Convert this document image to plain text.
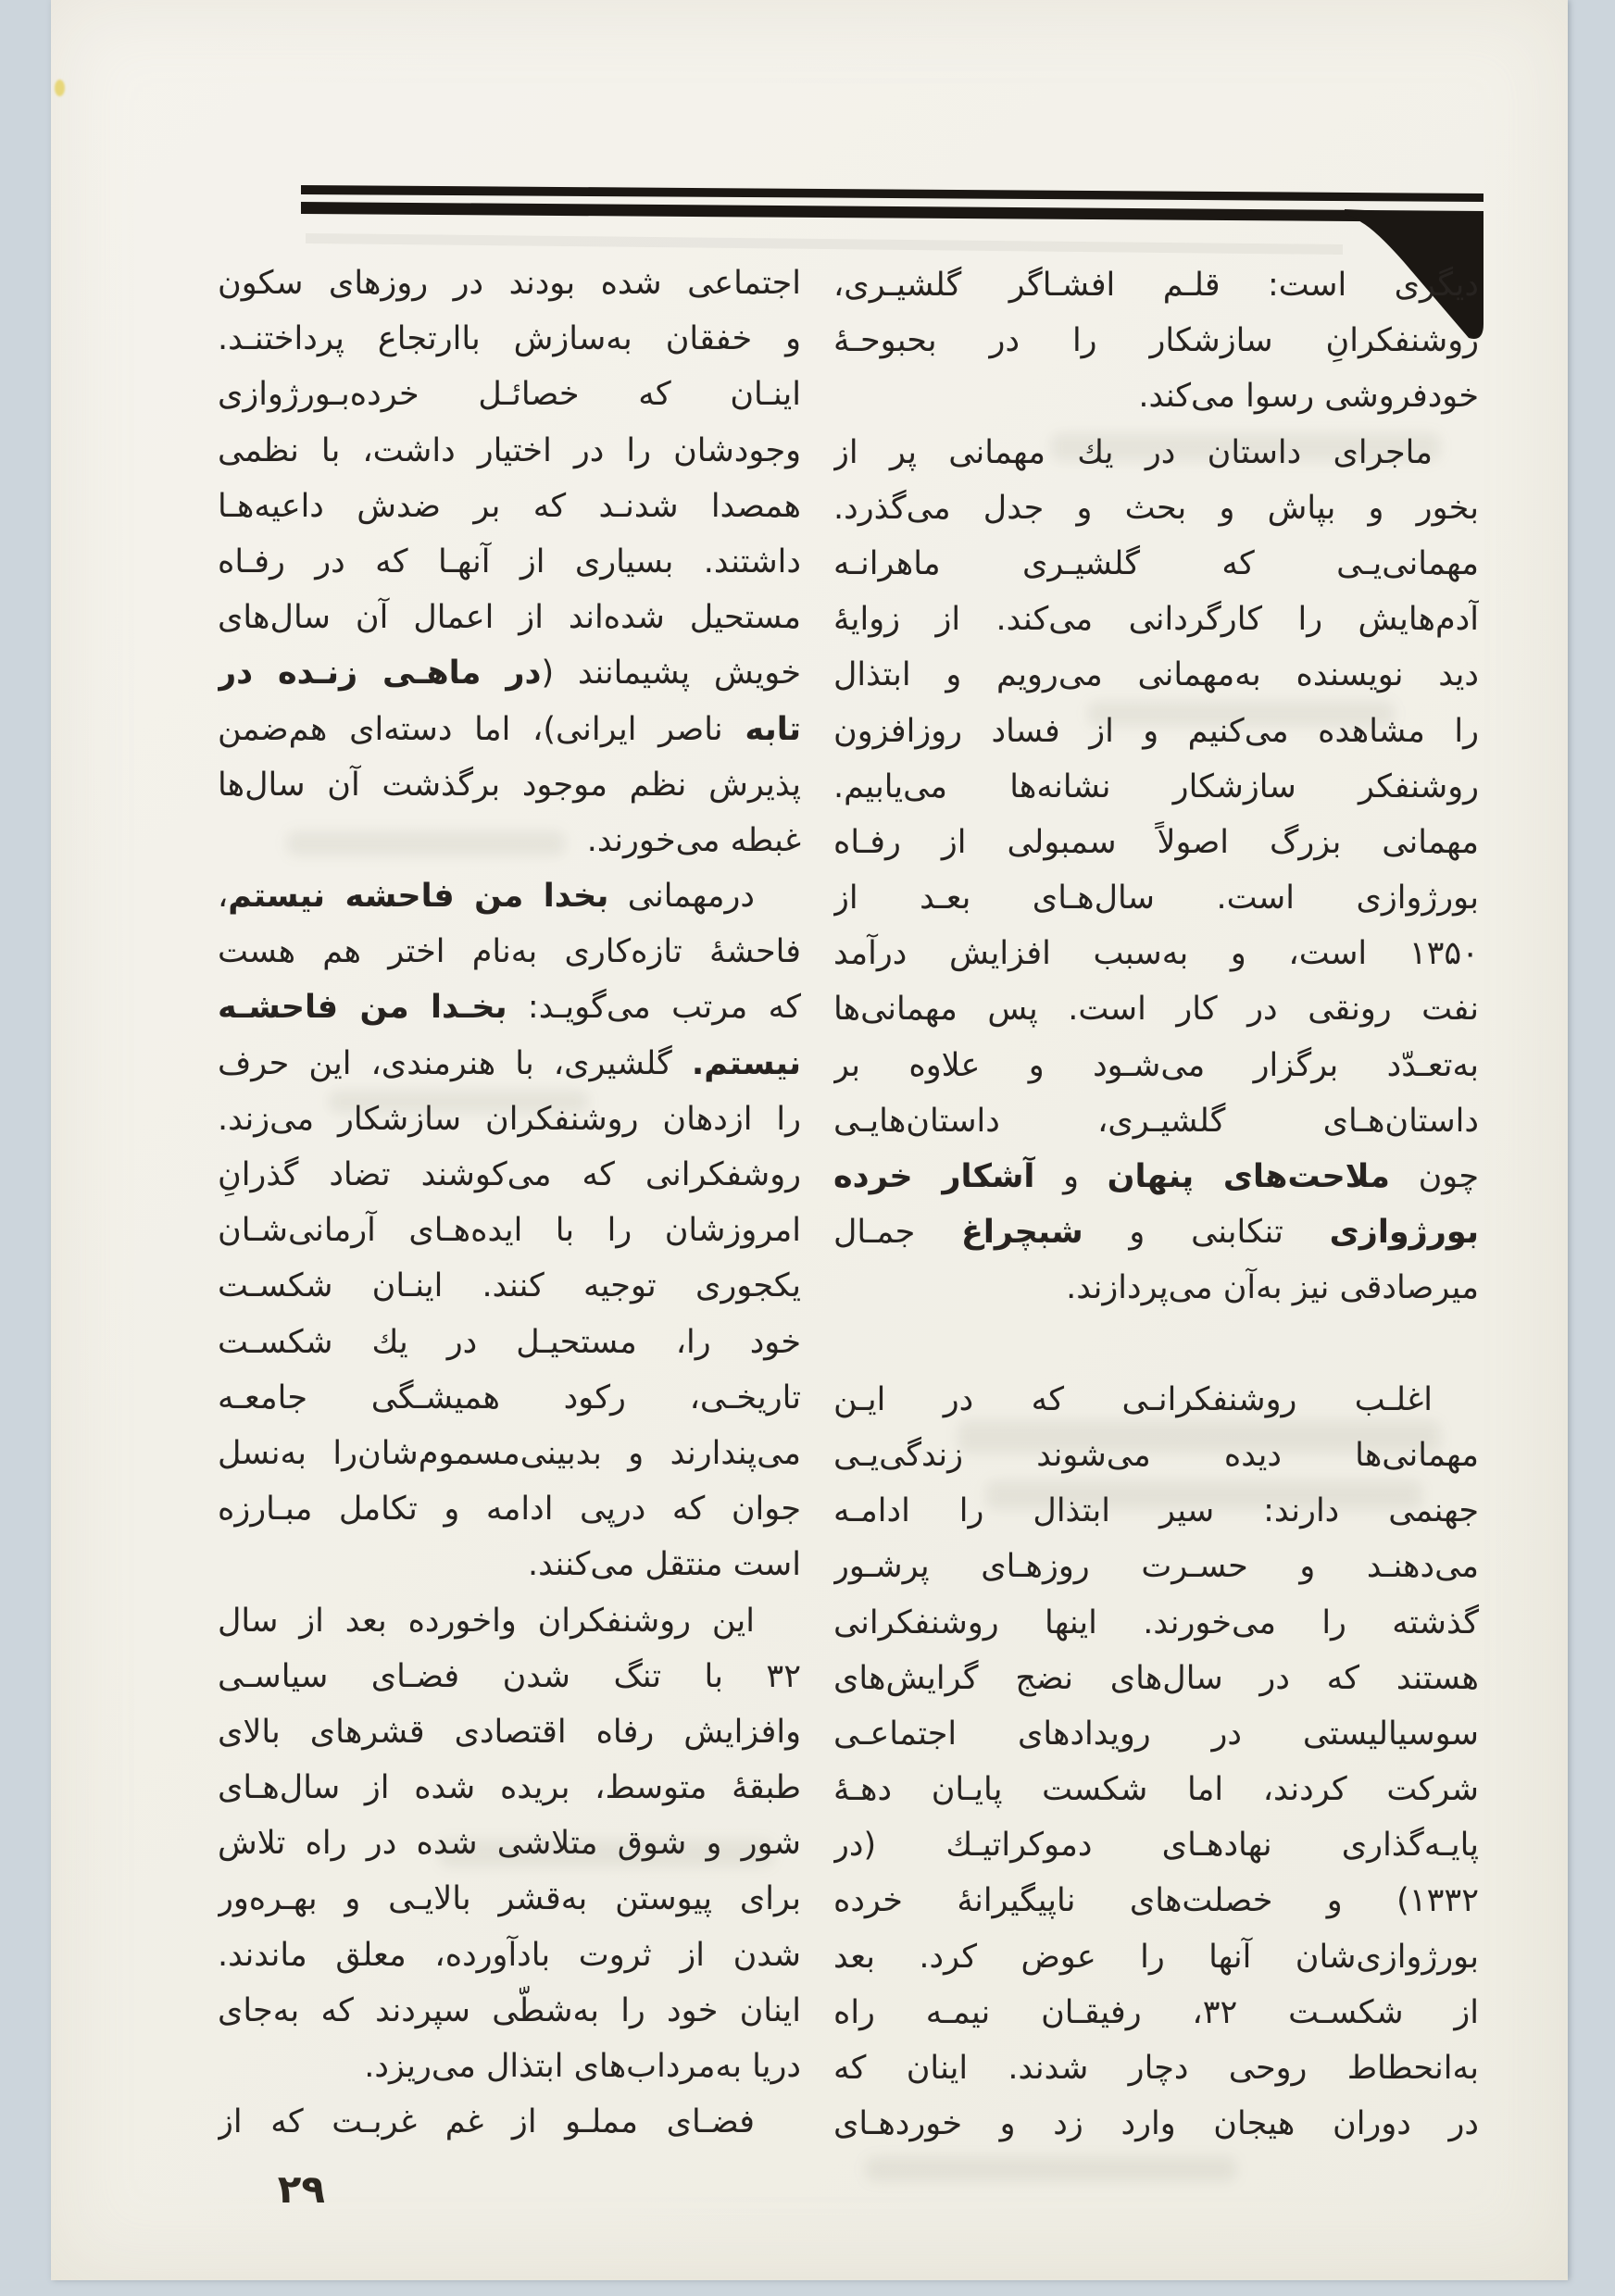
دیگری است: قلـم افشـاگر گلشیـری،
روشنفکرانِ سازشکار را در بحبوحـهٔ
خودفروشی رسوا می‌کند.
ماجرای داستان در یك مهمانی پر از
بخور و بپاش و بحث و جدل می‌گذرد.
مهمانی‌یـی که گلشیـری ماهرانـه
آدم‌هایش را کارگردانی می‌کند. از زوایهٔ
دید نویسنده به‌مهمانی می‌رویم و ابتذال
را مشاهده می‌کنیم و از فساد روزافزون
روشنفکر سازشکار نشانه‌ها می‌یابیم.
مهمانی بزرگ اصولاً سمبولی از رفـاه
بورژوازی است. سال‌هـای بعـد از
۱۳۵۰ است، و به‌سبب افزایش درآمد
نفت رونقی در کار است. پس مهمانی‌ها
به‌تعـدّد برگزار می‌شـود و علاوه بر
داستان‌هـای گلشیـری، داستان‌هایـی
چون ملاحت‌های پنهان و آشکار خرده
بورژوازی تنکابنی و شبچراغ جمـال
میرصادقی نیز به‌آن می‌پردازند.
اغلـب روشنفکرانـی که در ایـن
مهمانی‌ها دیده می‌شوند زندگی‌یـی
جهنمی دارند: سیر ابتذال را ادامـه
می‌دهنـد و حسـرت روزهـای پرشـور
گذشته را می‌خورند. اینها روشنفکرانی
هستند که در سال‌های نضج گرایش‌های
سوسیالیستی در رویدادهای اجتماعـی
شرکت کردند، اما شکست پایـان دهـهٔ
پایـه‌گذاری نهادهـای دموکراتیـك (در
۱۳۳۲) و خصلت‌های ناپیگیرانهٔ خرده
بورژوازی‌شان آنها را عوض کرد. بعد
از شکسـت ۳۲، رفیقـان نیمـه راه
به‌انحطاط روحی دچار شدند. اینان که
در دوران هیجان وارد زد و خوردهـای
اجتماعی شده بودند در روزهای سکون
و خفقان به‌سازش باارتجاع پرداختنـد.
اینـان که خصائـل خرده‌بـورژوازی
وجودشان را در اختیار داشت، با نظمی
همصدا شدنـد که بر ضدش داعیه‌هـا
داشتند. بسیاری از آنهـا که در رفـاه
مستحیل شده‌اند از اعمال آن سال‌های
خویش پشیمانند (در ماهـی زنـده در
تابه ناصر ایرانی)، اما دسته‌ای هم‌ضمن
پذیرش نظم موجود برگذشت آن سال‌ها
غبطه می‌خورند.
درمهمانی بخدا من فاحشه نیستم،
فاحشهٔ تازه‌کاری به‌نام اختر هم هست
که مرتب می‌گویـد: بخـدا من فاحشـه
نیستم. گلشیری، با هنرمندی، این حرف
را ازدهان روشنفکران سازشکار می‌زند.
روشفکرانی که می‌کوشند تضاد گذرانِ
امروزشان را با ایده‌هـای آرمانی‌شـان
یکجوری توجیه کنند. اینـان شکسـت
خود را، مستحیـل در یك شکسـت
تاریخـی، رکود همیشـگی جامعـه
می‌پندارند و بدبینی‌مسموم‌شان‌را به‌نسل
جوان که درپی ادامه و تکامل مبـارزه
است منتقل می‌کنند.
این روشنفکران واخورده بعد از سال
۳۲ با تنگ شدن فضـای سیاسـی
وافزایش رفاه اقتصادی قشرهای بالای
طبقهٔ متوسط، بریده شده از سال‌هـای
شور و شوق متلاشی شده در راه تلاش
برای پیوستن به‌قشر بالایـی و بهـره‌ور
شدن از ثروت بادآورده، معلق ماندند.
اینان خود را به‌شطّی سپردند که به‌جای
دریا به‌مرداب‌های ابتذال می‌ریزد.
فضـای مملـو از غم غربـت که از
۲۹
